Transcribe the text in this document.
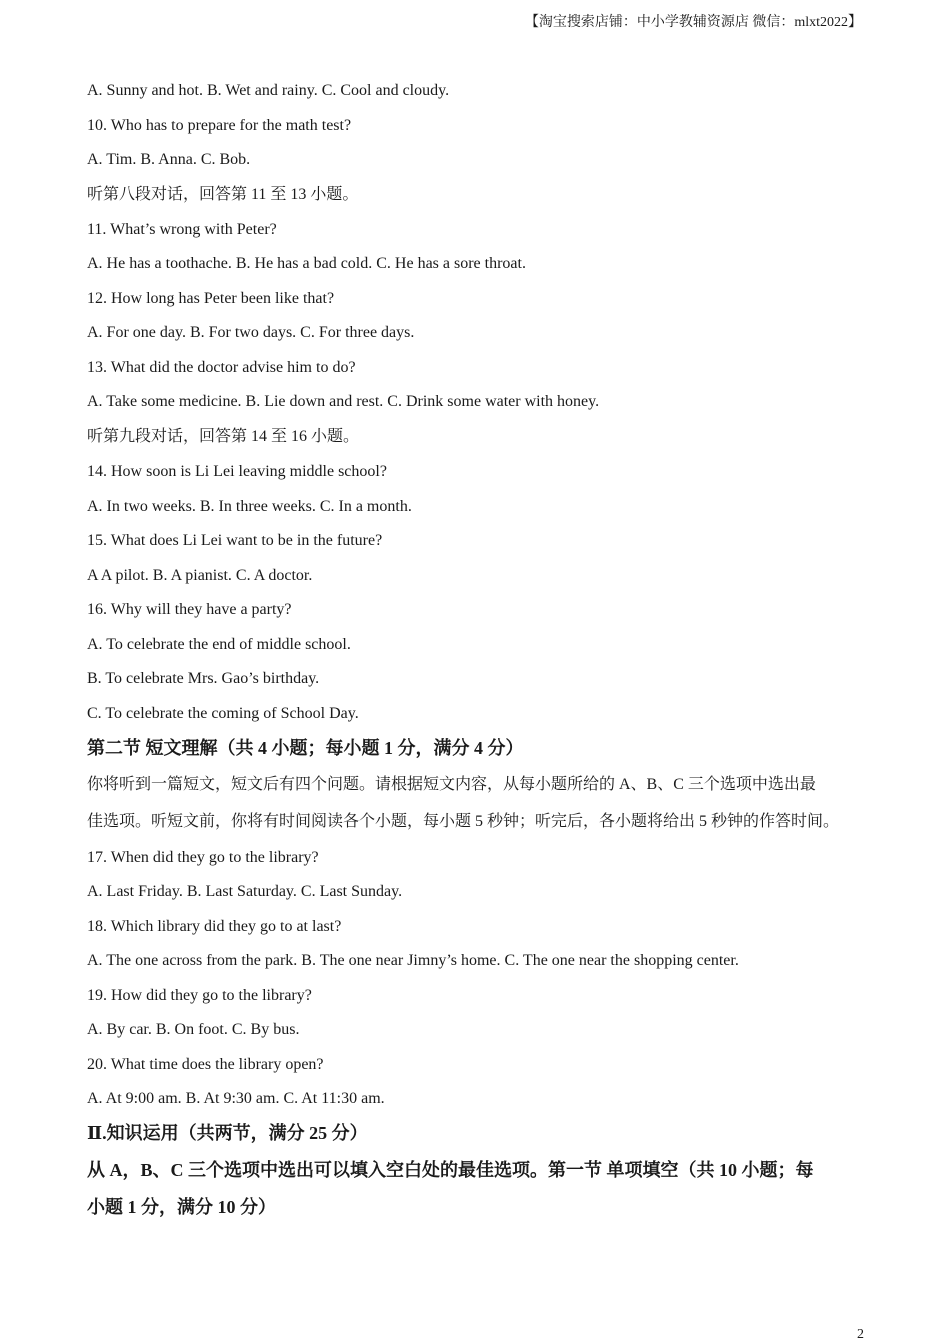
【淘宝搜索店铺：中小学教辅资源店 微信：mlxt2022】
A. Sunny and hot. B. Wet and rainy. C. Cool and cloudy.
10. Who has to prepare for the math test?
A. Tim. B. Anna. C. Bob.
听第八段对话，回答第 11 至 13 小题。
11. What’s wrong with Peter?
A. He has a toothache. B. He has a bad cold. C. He has a sore throat.
12. How long has Peter been like that?
A. For one day. B. For two days. C. For three days.
13. What did the doctor advise him to do?
A. Take some medicine. B. Lie down and rest. C. Drink some water with honey.
听第九段对话，回答第 14 至 16 小题。
14. How soon is Li Lei leaving middle school?
A. In two weeks. B. In three weeks. C. In a month.
15. What does Li Lei want to be in the future?
A A pilot. B. A pianist. C. A doctor.
16. Why will they have a party?
A. To celebrate the end of middle school.
B. To celebrate Mrs. Gao’s birthday.
C. To celebrate the coming of School Day.
第二节 短文理解（共 4 小题；每小题 1 分，满分 4 分）
你将听到一篇短文，短文后有四个问题。请根据短文内容，从每小题所给的 A、B、C 三个选项中选出最
佳选项。听短文前，你将有时间阅读各个小题，每小题 5 秒钟；听完后，各小题将给出 5 秒钟的作答时间。
17. When did they go to the library?
A. Last Friday. B. Last Saturday. C. Last Sunday.
18. Which library did they go to at last?
A. The one across from the park. B. The one near Jimny’s home. C. The one near the shopping center.
19. How did they go to the library?
A. By car. B. On foot. C. By bus.
20. What time does the library open?
A. At 9:00 am. B. At 9:30 am. C. At 11:30 am.
Ⅱ.知识运用（共两节，满分 25 分）
从 A，B、C 三个选项中选出可以填入空白处的最佳选项。第一节 单项填空（共 10 小题；每
小题 1 分，满分 10 分）
2
